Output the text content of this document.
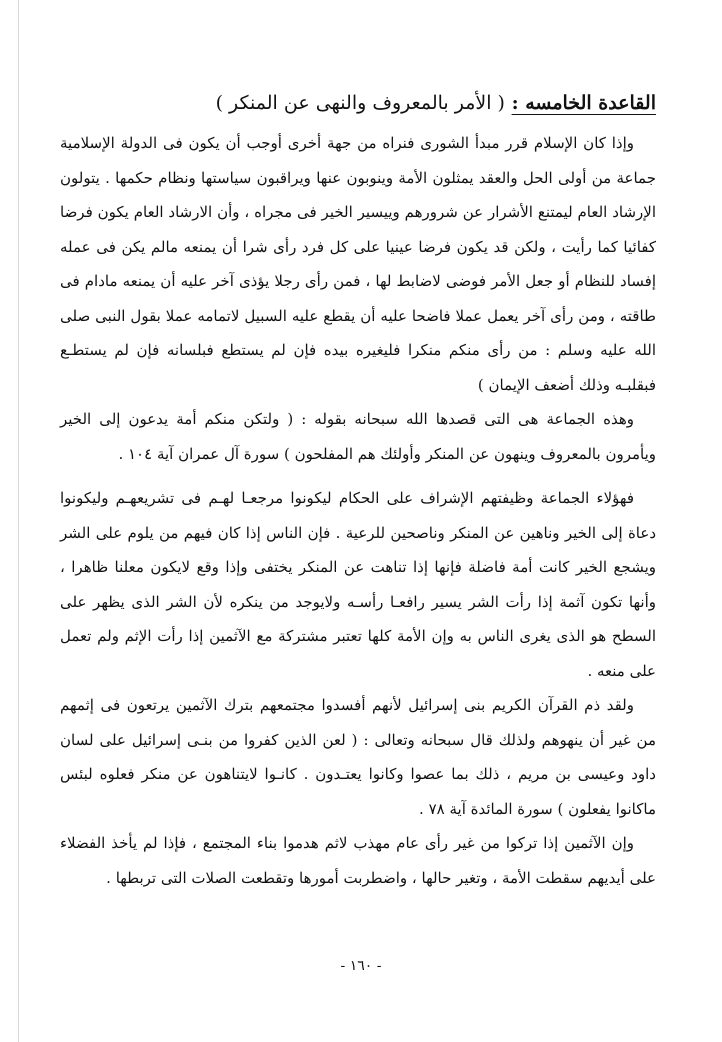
القاعدة الخامسه : ( الأمر بالمعروف والنهى عن المنكر )

وإذا كان الإسلام قرر مبدأ الشورى فنراه من جهة أخرى أوجب أن يكون فى الدولة الإسلامية جماعة من أولى الحل والعقد يمثلون الأمة وينوبون عنها ويراقبون سياستها ونظام حكمها . يتولون الإرشاد العام ليمتنع الأشرار عن شرورهم وييسير الخير فى مجراه ، وأن الارشاد العام يكون فرضا كفائيا كما رأيت ، ولكن قد يكون فرضا عينيا على كل فرد رأى شرا أن يمنعه مالم يكن فى عمله إفساد للنظام أو جعل الأمر فوضى لاضابط لها ، فمن رأى رجلا يؤذى آخر عليه أن يمنعه مادام فى طاقته ، ومن رأى آخر يعمل عملا فاضحا عليه أن يقطع عليه السبيل لاتمامه عملا بقول النبى صلى الله عليه وسلم : من رأى منكم منكرا فليغيره بيده فإن لم يستطع فبلسانه فإن لم يستطـع فبقلبـه وذلك أضعف الإيمان )

وهذه الجماعة هى التى قصدها الله سبحانه بقوله : ( ولتكن منكم أمة يدعون إلى الخير ويأمرون بالمعروف وينهون عن المنكر وأولئك هم المفلحون ) سورة آل عمران آية ١٠٤ .

فهؤلاء الجماعة وظيفتهم الإشراف على الحكام ليكونوا مرجعـا لهـم فى تشريعهـم وليكونوا دعاة إلى الخير وناهين عن المنكر وناصحين للرعية . فإن الناس إذا كان فيهم من يلوم على الشر ويشجع الخير كانت أمة فاضلة فإنها إذا تناهت عن المنكر يختفى وإذا وقع لايكون معلنا ظاهرا ، وأنها تكون آثمة إذا رأت الشر يسير رافعـا رأسـه ولايوجد من ينكره لأن الشر الذى يظهر على السطح هو الذى يغرى الناس به وإن الأمة كلها تعتبر مشتركة مع الآثمين إذا رأت الإثم ولم تعمل على منعه .

ولقد ذم القرآن الكريم بنى إسرائيل لأنهم أفسدوا مجتمعهم بترك الآثمين يرتعون فى إثمهم من غير أن ينهوهم ولذلك قال سبحانه وتعالى : ( لعن الذين كفروا من بنـى إسرائيل على لسان داود وعيسى بن مريم ، ذلك بما عصوا وكانوا يعتـدون . كانـوا لايتناهون عن منكر فعلوه لبئس ماكانوا يفعلون ) سورة المائدة آية ٧٨ .

وإن الآثمين إذا تركوا من غير رأى عام مهذب لاثم هدموا بناء المجتمع ، فإذا لم يأخذ الفضلاء على أيديهم سقطت الأمة ، وتغير حالها ، واضطربت أمورها وتقطعت الصلات التى تربطها .

- ١٦٠ -
